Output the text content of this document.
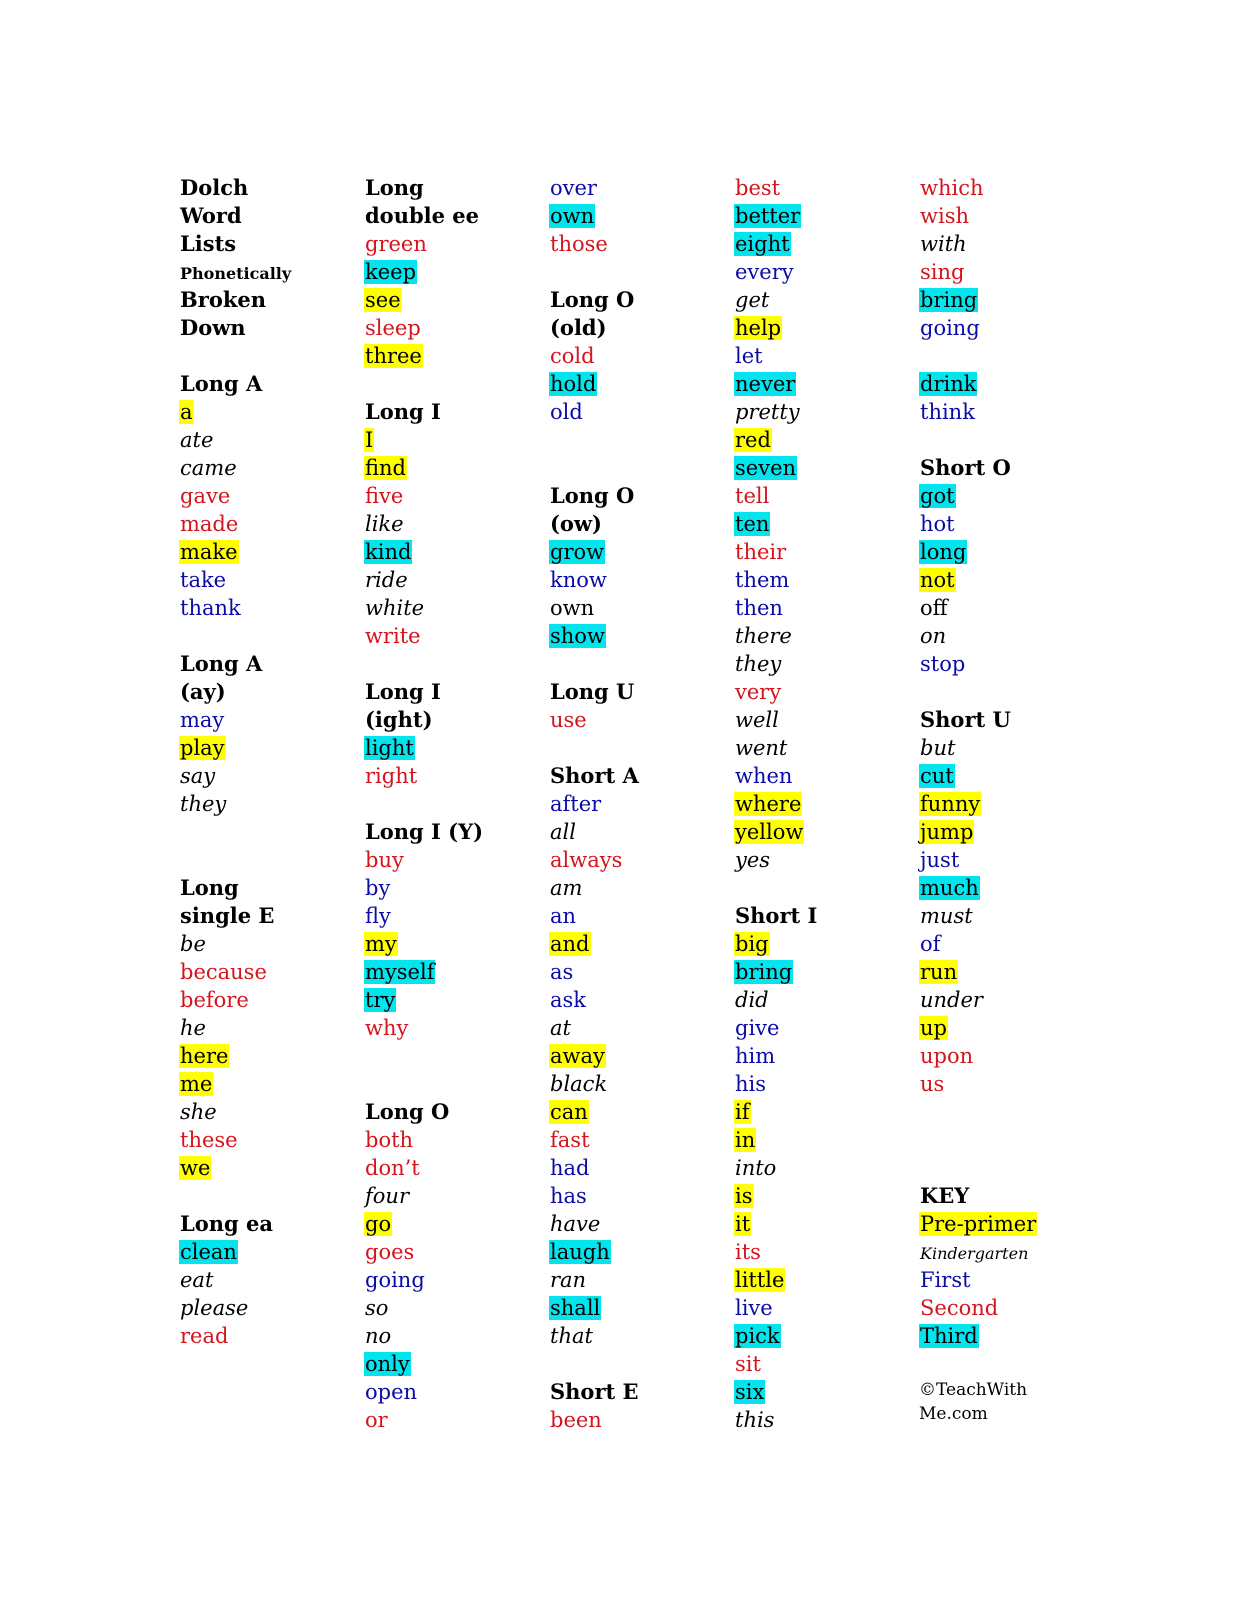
Dolch
Word
Lists
Phonetically
Broken
Down
Long A
a
ate
came
gave
made
make
take
thank
Long A
(ay)
may
play
say
they
Long
single E
be
because
before
he
here
me
she
these
we
Long ea
clean
eat
please
read
Long
double ee
green
keep
see
sleep
three
Long I
I
find
five
like
kind
ride
white
write
Long I
(ight)
light
right
Long I (Y)
buy
by
fly
my
myself
try
why
Long O
both
don’t
four
go
goes
going
so
no
only
open
or
over
own
those
Long O
(old)
cold
hold
old
Long O
(ow)
grow
know
own
show
Long U
use
Short A
after
all
always
am
an
and
as
ask
at
away
black
can
fast
had
has
have
laugh
ran
shall
that
Short E
been
best
better
eight
every
get
help
let
never
pretty
red
seven
tell
ten
their
them
then
there
they
very
well
went
when
where
yellow
yes
Short I
big
bring
did
give
him
his
if
in
into
is
it
its
little
live
pick
sit
six
this
which
wish
with
sing
bring
going
drink
think
Short O
got
hot
long
not
off
on
stop
Short U
but
cut
funny
jump
just
much
must
of
run
under
up
upon
us
KEY
Pre-primer
Kindergarten
First
Second
Third
©TeachWith
Me.com
